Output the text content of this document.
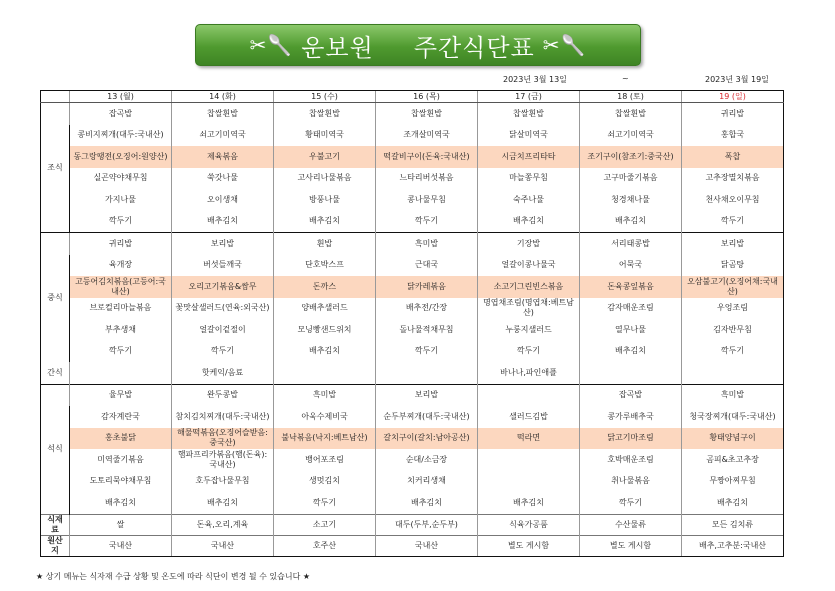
✂🥄 운보원 주간식단표 ✂🥄
2023년 3월 13일	~	2023년 3월 19일
	13 (월)	14 (화)	15 (수)	16 (목)	17 (금)	18 (토)	19 (일)
조식	잡곡밥	찹쌀흰밥	찹쌀흰밥	찹쌀흰밥	찹쌀흰밥	찹쌀흰밥	귀리밥
	콩비지찌개(대두:국내산)	쇠고기미역국	황태미역국	조개살미역국	닭살미역국	쇠고기미역국	홍합국
	동그랑땡전(오징어:원양산)	제육볶음	우불고기	떡갈비구이(돈육:국내산)	시금치프리타타	조기구이(참조기:중국산)	폭찹
	실곤약야채무침	쑥갓나물	고사리나물볶음	느타리버섯볶음	마늘쫑무침	고구마줄기볶음	고추장멸치볶음
	가지나물	오이생채	방풍나물	콩나물무침	숙주나물	청경채나물	천사채오이무침
	깍두기	배추김치	배추김치	깍두기	배추김치	배추김치	깍두기
중식	귀리밥	보리밥	흰밥	흑미밥	기장밥	서리태콩밥	보리밥
	육개장	버섯들깨국	단호박스프	근대국	얼갈이콩나물국	어묵국	닭곰탕
	고등어김치볶음(고등어:국내산)	오리고기볶음&쌈무	돈까스	닭카레볶음	소고기그린빈스볶음	돈육콩잎볶음	오삼불고기(오징어채:국내산)
	브로컬리마늘볶음	꽃맛살샐러드(연육:외국산)	양배추샐러드	배추전/간장	명엽채조림(명엽채:베트남산)	감자매운조림	우엉조림
	부추생채	얼갈이겉절이	모닝빵샌드위치	돌나물적채무침	누룽지샐러드	열무나물	김자반무침
	깍두기	깍두기	배추김치	깍두기	깍두기	배추김치	깍두기
간식		핫케익/음료			바나나,파인애플		
석식	율무밥	완두콩밥	흑미밥	보리밥		잡곡밥	흑미밥
	감자계란국	참치김치찌개(대두:국내산)	아욱수제비국	순두부찌개(대두:국내산)	샐러드김밥	콩가루배추국	청국장찌개(대두:국내산)
	홍초불닭	해물떡볶음(오징어슬받음:중국산)	불낙볶음(낙지:베트남산)	갈치구이(갈치:남아공산)	떡라면	닭고기마조림	황태양념구이
	미역줄기볶음	햄파프리카볶음(햄(돈육):국내산)	뱅어포조림	순대/소금장		호박매운조림	곰피&초고추장
	도토리묵야채무침	호두잡나물무침	생멋김치	치커리생채		취나물볶음	무짱아찌무침
	배추김치	배추김치	깍두기	배추김치	배추김치	깍두기	배추김치
식재료	쌀	돈육,오리,계육	소고기	대두(두부,순두부)	식육가공품	수산물류	모든 김치류
원산지	국내산	국내산	호주산	국내산	별도 게시함	별도 게시함	배추,고추분:국내산
★ 상기 메뉴는 식자재 수급 상황 및 온도에 따라 식단이 변경 될 수 있습니다 ★
